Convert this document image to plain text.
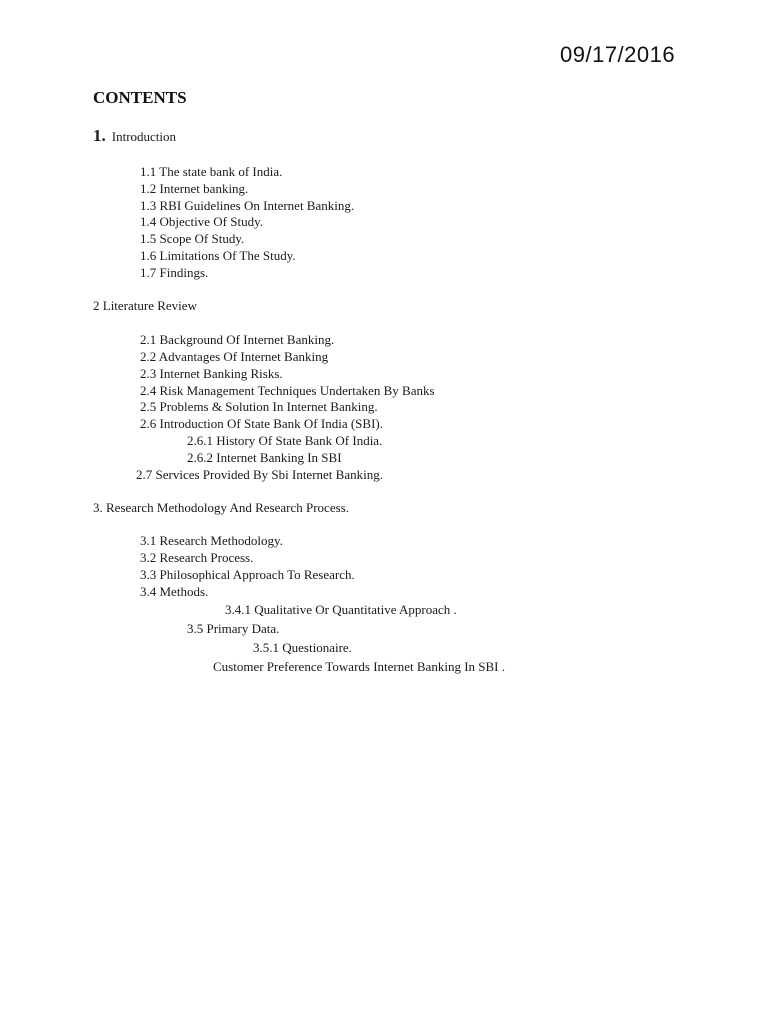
09/17/2016
CONTENTS
1. Introduction
1.1 The state bank of India.
1.2 Internet banking.
1.3 RBI Guidelines On Internet Banking.
1.4 Objective Of Study.
1.5 Scope Of Study.
1.6 Limitations Of The Study.
1.7 Findings.
2 Literature Review
2.1 Background Of Internet Banking.
2.2 Advantages Of Internet Banking
2.3 Internet Banking Risks.
2.4 Risk Management Techniques Undertaken By Banks
2.5 Problems & Solution In Internet Banking.
2.6 Introduction Of State Bank Of India (SBI).
2.6.1 History Of State Bank Of India.
2.6.2 Internet Banking In SBI
2.7 Services Provided By Sbi Internet Banking.
3. Research Methodology And Research Process.
3.1 Research Methodology.
3.2 Research Process.
3.3 Philosophical Approach To Research.
3.4 Methods.
3.4.1 Qualitative Or Quantitative Approach .
3.5 Primary Data.
3.5.1 Questionaire.
Customer Preference Towards Internet Banking In SBI .
